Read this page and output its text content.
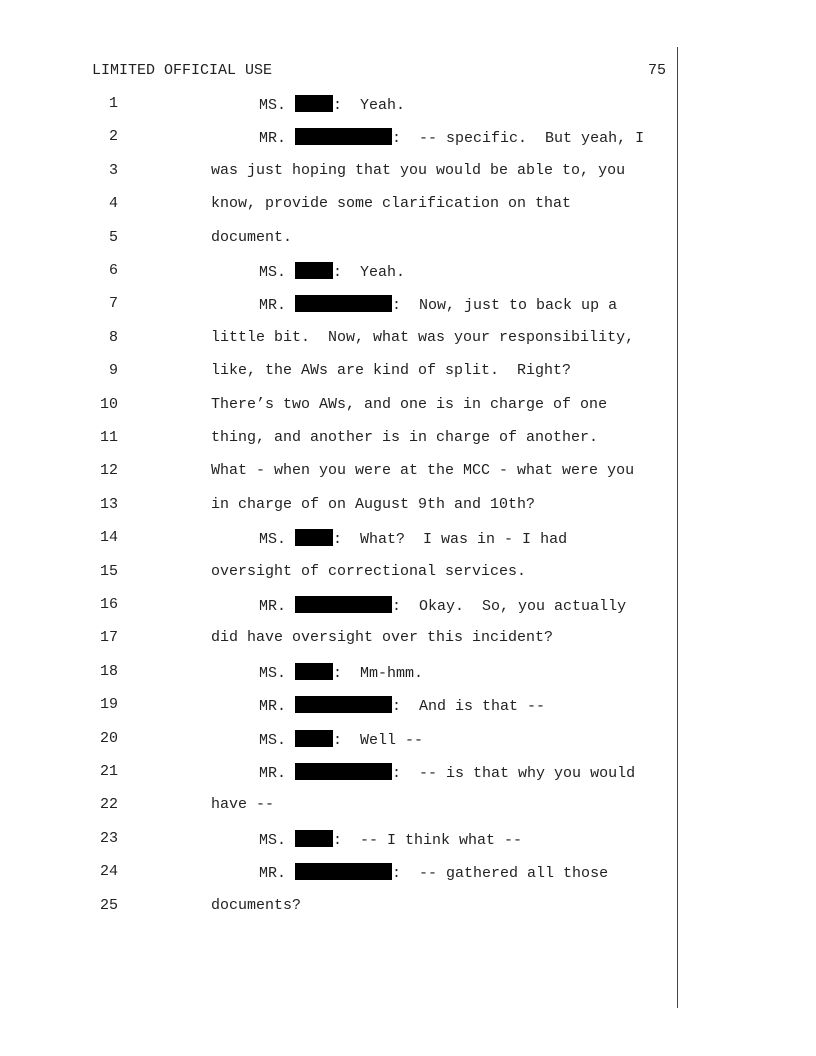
LIMITED OFFICIAL USE	75
1	MS.	:  Yeah.
2	MR.	:  -- specific.  But yeah, I
3	was just hoping that you would be able to, you
4	know, provide some clarification on that
5	document.
6	MS.	:  Yeah.
7	MR.	:  Now, just to back up a
8	little bit.  Now, what was your responsibility,
9	like, the AWs are kind of split.  Right?
10	There’s two AWs, and one is in charge of one
11	thing, and another is in charge of another.
12	What - when you were at the MCC - what were you
13	in charge of on August 9th and 10th?
14	MS.	:  What?  I was in - I had
15	oversight of correctional services.
16	MR.	:  Okay.  So, you actually
17	did have oversight over this incident?
18	MS.	:  Mm-hmm.
19	MR.	:  And is that --
20	MS.	:  Well --
21	MR.	:  -- is that why you would
22	have --
23	MS.	:  -- I think what --
24	MR.	:  -- gathered all those
25	documents?
